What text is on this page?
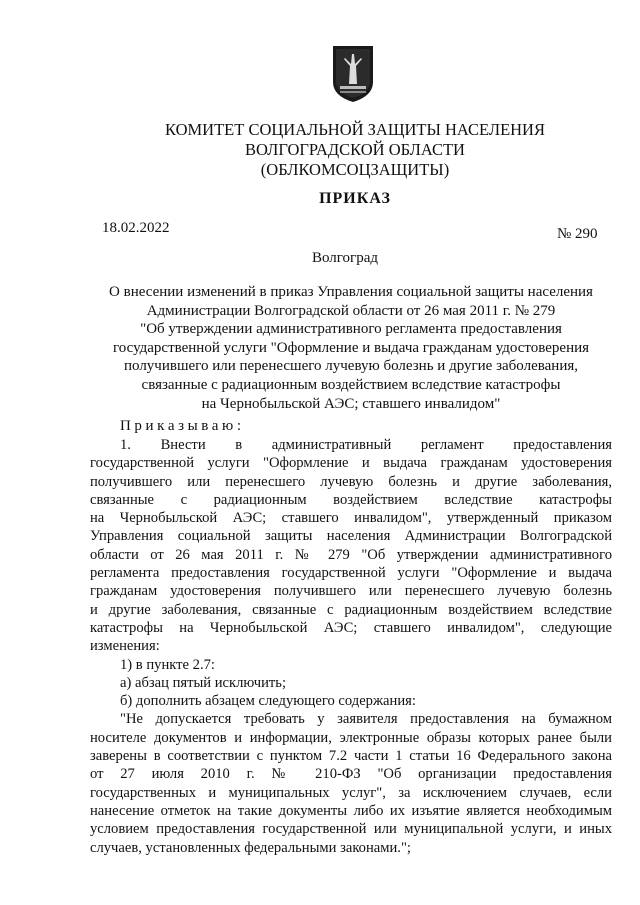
КОМИТЕТ СОЦИАЛЬНОЙ ЗАЩИТЫ НАСЕЛЕНИЯ
ВОЛГОГРАДСКОЙ ОБЛАСТИ
(ОБЛКОМСОЦЗАЩИТЫ)
ПРИКАЗ
18.02.2022	№ 290
Волгоград
О внесении изменений в приказ Управления социальной защиты населения
Администрации Волгоградской области от 26 мая 2011 г. № 279
"Об утверждении административного регламента предоставления
государственной услуги "Оформление и выдача гражданам удостоверения
получившего или перенесшего лучевую болезнь и другие заболевания,
связанные с радиационным воздействием вследствие катастрофы
на Чернобыльской АЭС; ставшего инвалидом"
Приказываю:
1. Внести в административный регламент предоставления
государственной услуги "Оформление и выдача гражданам удостоверения
получившего или перенесшего лучевую болезнь и другие заболевания,
связанные с радиационным воздействием вследствие катастрофы
на Чернобыльской АЭС; ставшего инвалидом", утвержденный приказом
Управления социальной защиты населения Администрации Волгоградской
области от 26 мая 2011 г. № 279 "Об утверждении административного
регламента предоставления государственной услуги "Оформление и выдача
гражданам удостоверения получившего или перенесшего лучевую болезнь
и другие заболевания, связанные с радиационным воздействием вследствие
катастрофы на Чернобыльской АЭС; ставшего инвалидом", следующие
изменения:
1) в пункте 2.7:
а) абзац пятый исключить;
б) дополнить абзацем следующего содержания:
"Не допускается требовать у заявителя предоставления на бумажном
носителе документов и информации, электронные образы которых ранее были
заверены в соответствии с пунктом 7.2 части 1 статьи 16 Федерального закона
от 27 июля 2010 г. № 210-ФЗ "Об организации предоставления
государственных и муниципальных услуг", за исключением случаев, если
нанесение отметок на такие документы либо их изъятие является необходимым
условием предоставления государственной или муниципальной услуги, и иных
случаев, установленных федеральными законами.";
